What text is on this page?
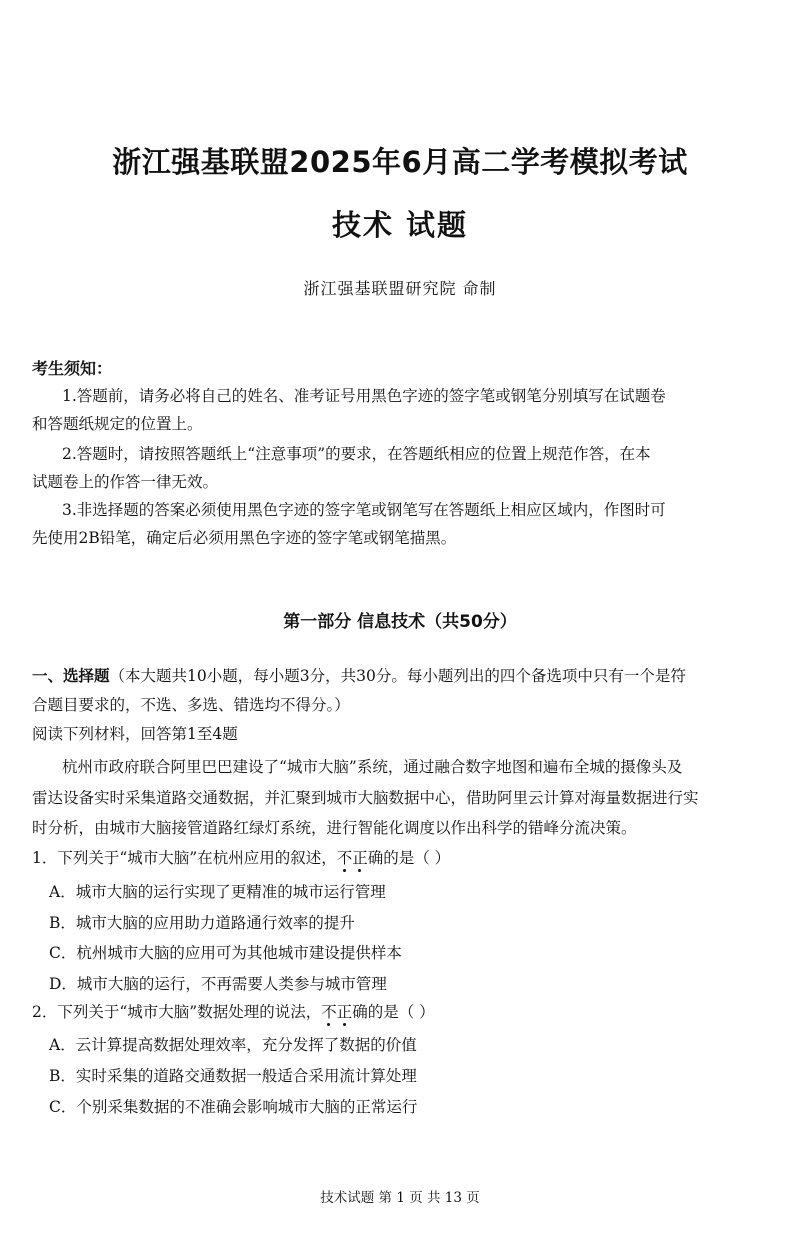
浙江强基联盟2025年6月高二学考模拟考试
技术 试题
浙江强基联盟研究院 命制
考生须知：
1.答题前，请务必将自己的姓名、准考证号用黑色字迹的签字笔或钢笔分别填写在试题卷
和答题纸规定的位置上。
2.答题时，请按照答题纸上“注意事项”的要求，在答题纸相应的位置上规范作答，在本
试题卷上的作答一律无效。
3.非选择题的答案必须使用黑色字迹的签字笔或钢笔写在答题纸上相应区域内，作图时可
先使用2B铅笔，确定后必须用黑色字迹的签字笔或钢笔描黑。
第一部分 信息技术（共50分）
一、选择题（本大题共10小题，每小题3分，共30分。每小题列出的四个备选项中只有一个是符
合题目要求的，不选、多选、错选均不得分。）
阅读下列材料，回答第1至4题
杭州市政府联合阿里巴巴建设了“城市大脑”系统，通过融合数字地图和遍布全城的摄像头及
雷达设备实时采集道路交通数据，并汇聚到城市大脑数据中心，借助阿里云计算对海量数据进行实
时分析，由城市大脑接管道路红绿灯系统，进行智能化调度以作出科学的错峰分流决策。
1．下列关于“城市大脑”在杭州应用的叙述，不正确的是（ ）
A．城市大脑的运行实现了更精准的城市运行管理
B．城市大脑的应用助力道路通行效率的提升
C．杭州城市大脑的应用可为其他城市建设提供样本
D．城市大脑的运行，不再需要人类参与城市管理
2．下列关于“城市大脑”数据处理的说法，不正确的是（ ）
A．云计算提高数据处理效率，充分发挥了数据的价值
B．实时采集的道路交通数据一般适合采用流计算处理
C．个别采集数据的不准确会影响城市大脑的正常运行
技术试题 第 1 页 共 13 页
